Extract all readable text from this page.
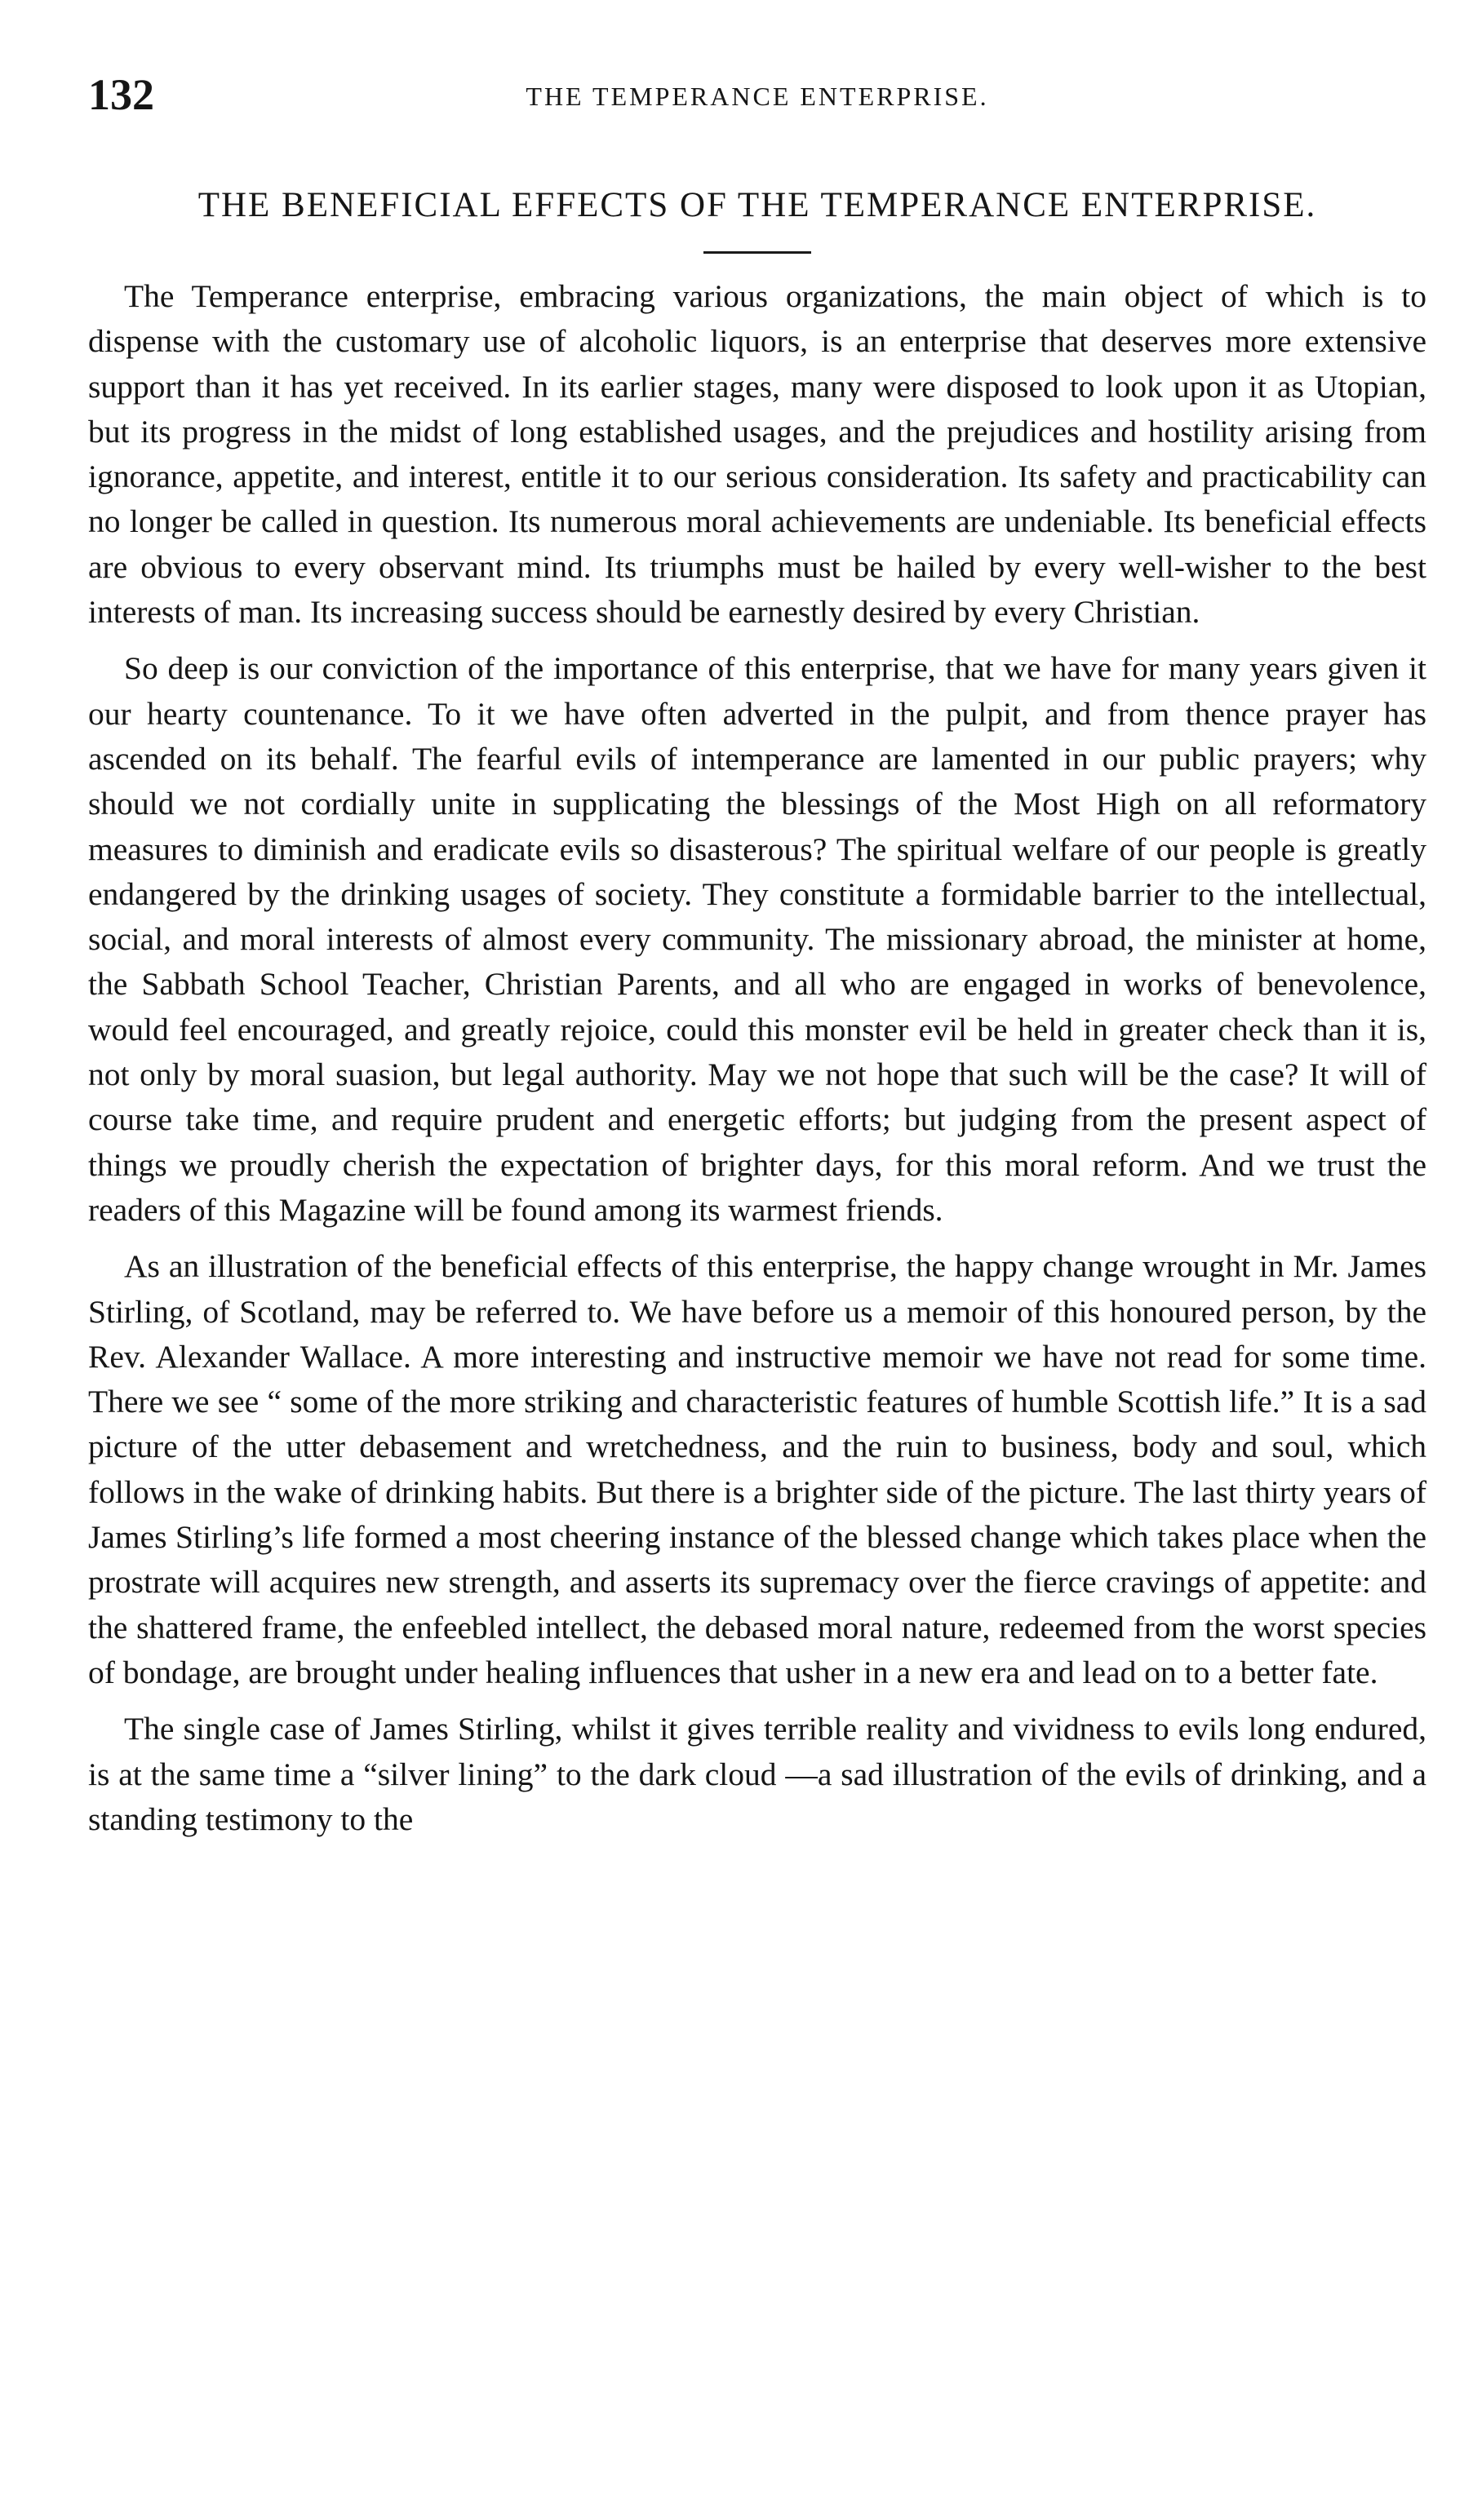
132	THE TEMPERANCE ENTERPRISE.
THE BENEFICIAL EFFECTS OF THE TEMPERANCE ENTERPRISE.

The Temperance enterprise, embracing various organizations, the main object of which is to dispense with the customary use of alcoholic liquors, is an enterprise that deserves more extensive support than it has yet received. In its earlier stages, many were disposed to look upon it as Utopian, but its progress in the midst of long established usages, and the prejudices and hostility arising from ignorance, appetite, and interest, entitle it to our serious consideration. Its safety and practicability can no longer be called in question. Its numerous moral achievements are undeniable. Its beneficial effects are obvious to every observant mind. Its triumphs must be hailed by every well-wisher to the best interests of man. Its increasing success should be earnestly desired by every Christian.

So deep is our conviction of the importance of this enterprise, that we have for many years given it our hearty countenance. To it we have often adverted in the pulpit, and from thence prayer has ascended on its behalf. The fearful evils of intemperance are lamented in our public prayers; why should we not cordially unite in supplicating the blessings of the Most High on all reformatory measures to diminish and eradicate evils so disasterous? The spiritual welfare of our people is greatly endangered by the drinking usages of society. They constitute a formidable barrier to the intellectual, social, and moral interests of almost every community. The missionary abroad, the minister at home, the Sabbath School Teacher, Christian Parents, and all who are engaged in works of benevolence, would feel encouraged, and greatly rejoice, could this monster evil be held in greater check than it is, not only by moral suasion, but legal authority. May we not hope that such will be the case? It will of course take time, and require prudent and energetic efforts; but judging from the present aspect of things we proudly cherish the expectation of brighter days, for this moral reform. And we trust the readers of this Magazine will be found among its warmest friends.

As an illustration of the beneficial effects of this enterprise, the happy change wrought in Mr. James Stirling, of Scotland, may be referred to. We have before us a memoir of this honoured person, by the Rev. Alexander Wallace. A more interesting and instructive memoir we have not read for some time. There we see “ some of the more striking and characteristic features of humble Scottish life.” It is a sad picture of the utter debasement and wretchedness, and the ruin to business, body and soul, which follows in the wake of drinking habits. But there is a brighter side of the picture. The last thirty years of James Stirling’s life formed a most cheering instance of the blessed change which takes place when the prostrate will acquires new strength, and asserts its supremacy over the fierce cravings of appetite: and the shattered frame, the enfeebled intellect, the debased moral nature, redeemed from the worst species of bondage, are brought under healing influences that usher in a new era and lead on to a better fate.

The single case of James Stirling, whilst it gives terrible reality and vividness to evils long endured, is at the same time a “silver lining” to the dark cloud —a sad illustration of the evils of drinking, and a standing testimony to the
